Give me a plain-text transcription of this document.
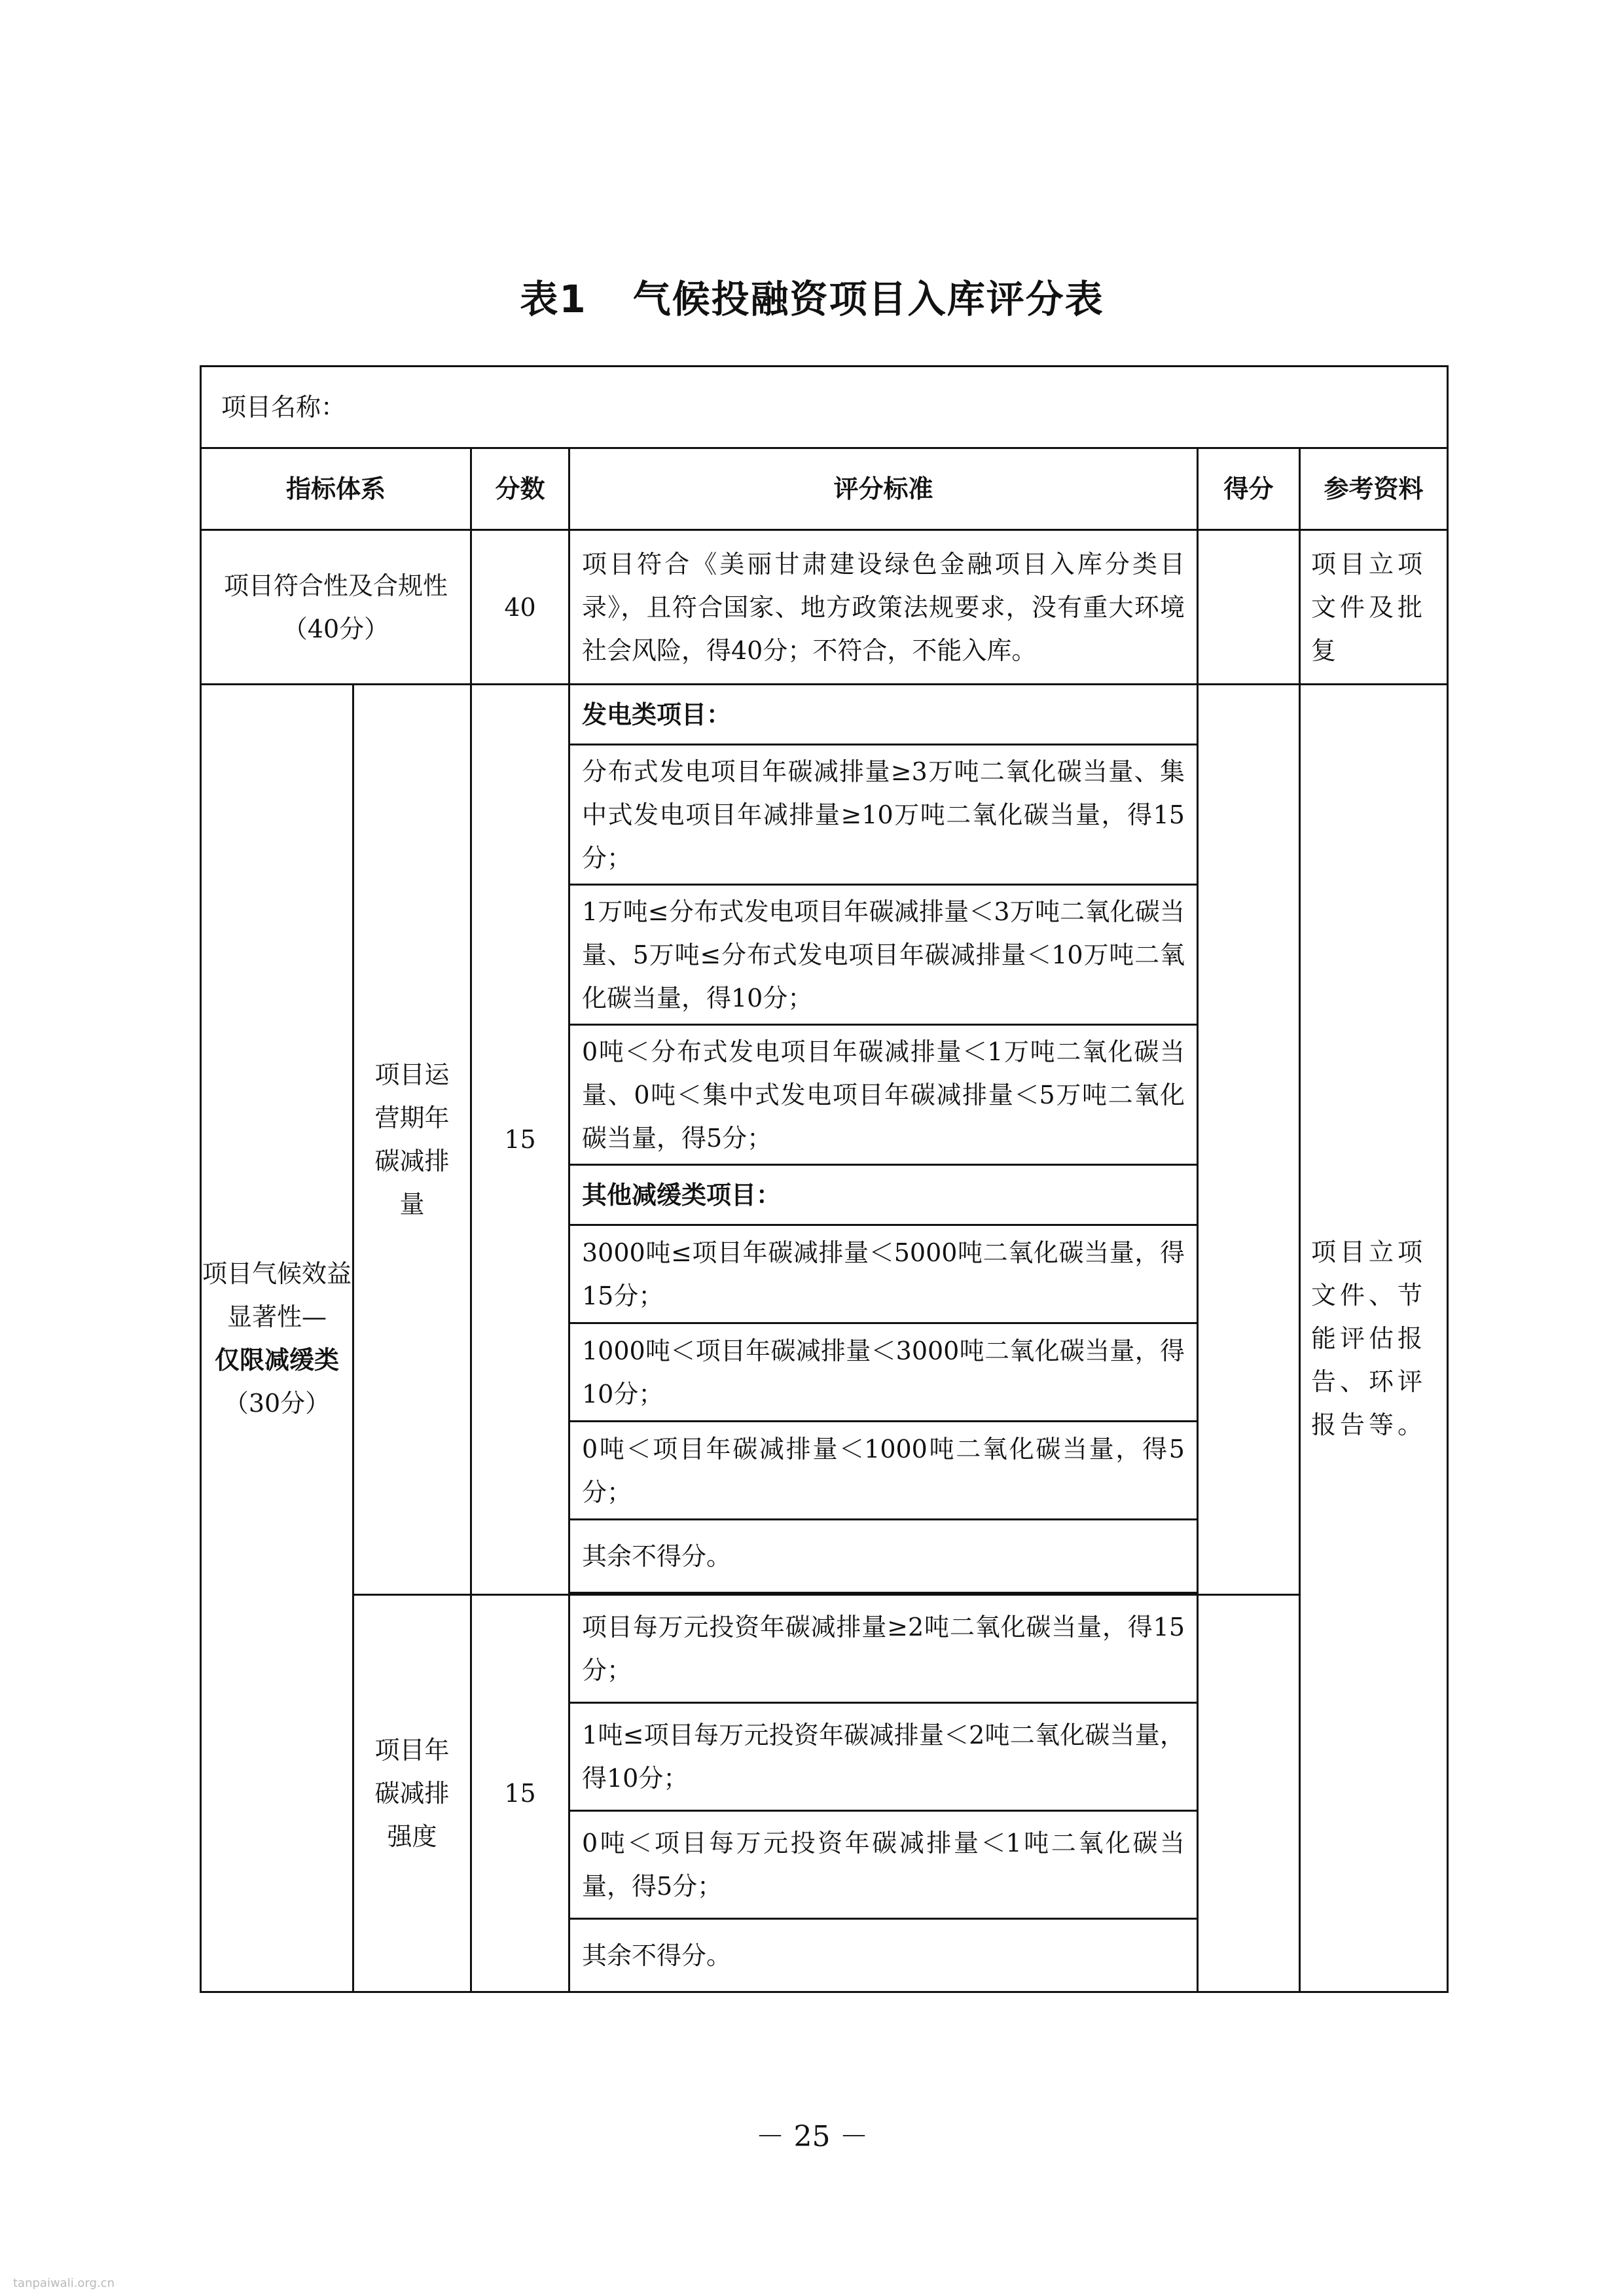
表1 气候投融资项目入库评分表
项目名称：					
指标体系		分数	评分标准	得分	参考资料

项目符合性及合规性
（40分）		40	项目符合《美丽甘肃建设绿色金融项目入库分类目录》，且符合国家、地方政策法规要求，没有重大环境社会风险，得40分；不符合，不能入库。		项目立项文件及批复

项目气候效益显著性—
仅限减缓类
（30分）	项目运营期年碳减排量	15	发电类项目：		项目立项文件、节能评估报告、环评报告等。
			分布式发电项目年碳减排量≥3万吨二氧化碳当量、集中式发电项目年减排量≥10万吨二氧化碳当量，得15分；		
			1万吨≤分布式发电项目年碳减排量＜3万吨二氧化碳当量、5万吨≤分布式发电项目年碳减排量＜10万吨二氧化碳当量，得10分；		
			0吨＜分布式发电项目年碳减排量＜1万吨二氧化碳当量、0吨＜集中式发电项目年碳减排量＜5万吨二氧化碳当量，得5分；		
			其他减缓类项目：		
			3000吨≤项目年碳减排量＜5000吨二氧化碳当量，得15分；		
			1000吨＜项目年碳减排量＜3000吨二氧化碳当量，得10分；		
			0吨＜项目年碳减排量＜1000吨二氧化碳当量，得5分；		
			其余不得分。		

	项目年碳减排强度	15	项目每万元投资年碳减排量≥2吨二氧化碳当量，得15分；		
			1吨≤项目每万元投资年碳减排量＜2吨二氧化碳当量，得10分；		
			0吨＜项目每万元投资年碳减排量＜1吨二氧化碳当量，得5分；		
			其余不得分。		
－ 25 －
tanpaiwali.org.cn
